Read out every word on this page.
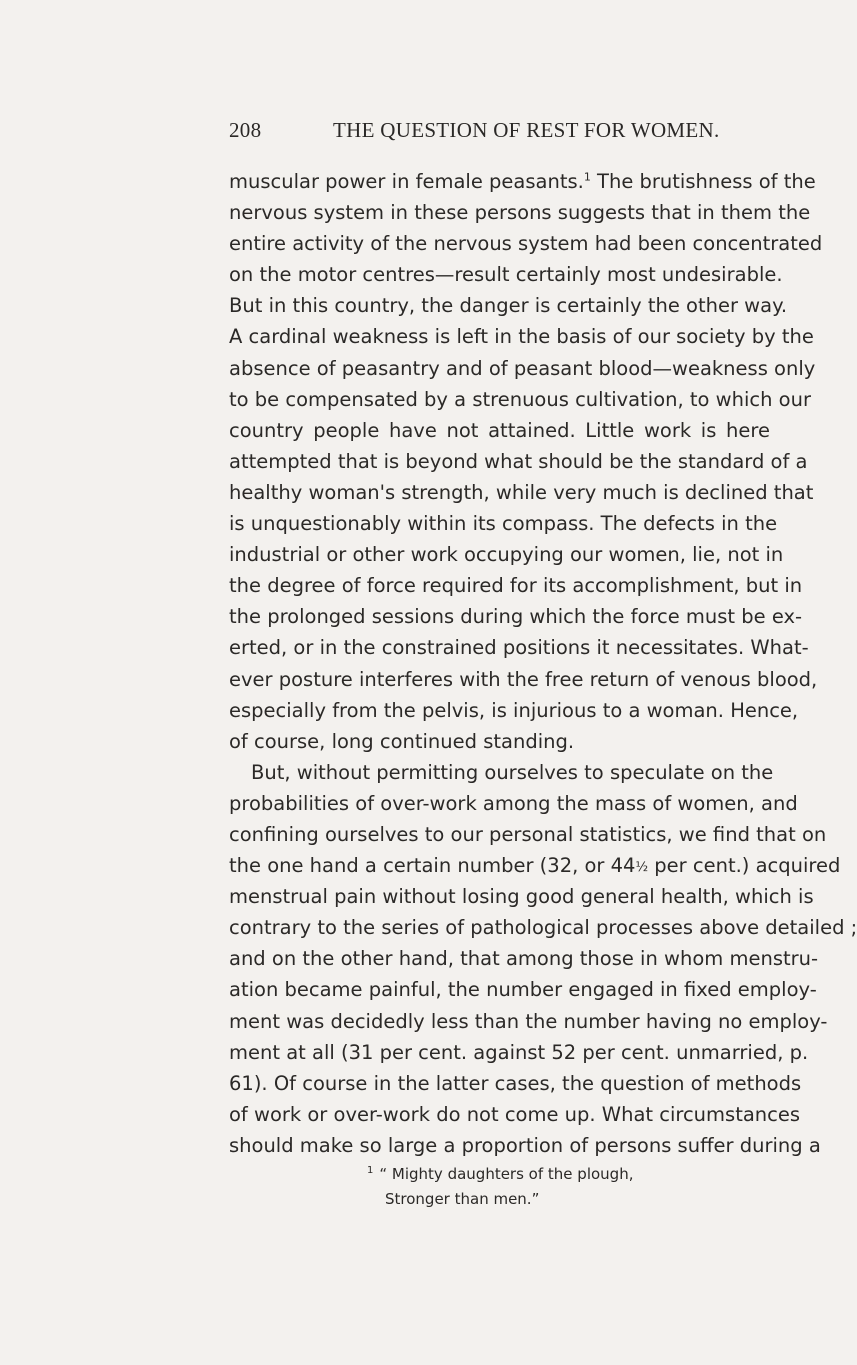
208	THE QUESTION OF REST FOR WOMEN.
muscular power in female peasants.$^1$ The brutishness of the
nervous system in these persons suggests that in them the
entire activity of the nervous system had been concentrated
on the motor centres—result certainly most undesirable.
But in this country, the danger is certainly the other way.
A cardinal weakness is left in the basis of our society by the
absence of peasantry and of peasant blood—weakness only
to be compensated by a strenuous cultivation, to which our
country people have not attained. Little work is here
attempted that is beyond what should be the standard of a
healthy woman's strength, while very much is declined that
is unquestionably within its compass. The defects in the
industrial or other work occupying our women, lie, not in
the degree of force required for its accomplishment, but in
the prolonged sessions during which the force must be ex-
erted, or in the constrained positions it necessitates. What-
ever posture interferes with the free return of venous blood,
especially from the pelvis, is injurious to a woman. Hence,
of course, long continued standing.
But, without permitting ourselves to speculate on the
probabilities of over-work among the mass of women, and
confining ourselves to our personal statistics, we find that on
the one hand a certain number (32, or 44½ per cent.) acquired
menstrual pain without losing good general health, which is
contrary to the series of pathological processes above detailed ;
and on the other hand, that among those in whom menstru-
ation became painful, the number engaged in fixed employ-
ment was decidedly less than the number having no employ-
ment at all (31 per cent. against 52 per cent. unmarried, p.
61). Of course in the latter cases, the question of methods
of work or over-work do not come up. What circumstances
should make so large a proportion of persons suffer during a
$^1$ “ Mighty daughters of the plough,
Stronger than men.”
